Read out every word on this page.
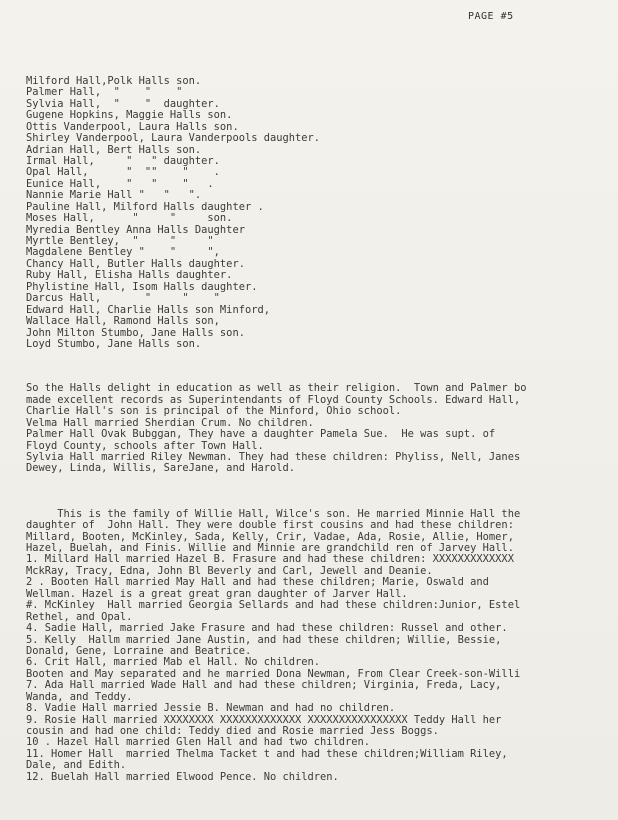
PAGE #5

Milford Hall,Polk Halls son.
Palmer Hall,  "    "    "
Sylvia Hall,  "    "  daughter.
Gugene Hopkins, Maggie Halls son.
Ottis Vanderpool, Laura Halls son.
Shirley Vanderpool, Laura Vanderpools daughter.
Adrian Hall, Bert Halls son.
Irmal Hall,     "   " daughter.
Opal Hall,      "  ""    "    .
Eunice Hall,    "   "    "   .
Nannie Marie Hall "   "   ".
Pauline Hall, Milford Halls daughter .
Moses Hall,      "     "     son.
Myredia Bentley Anna Halls Daughter
Myrtle Bentley,  "     "     "
Magdalene Bentley "    "     ",
Chancy Hall, Butler Halls daughter.
Ruby Hall, Elisha Halls daughter.
Phylistine Hall, Isom Halls daughter.
Darcus Hall,       "     "    "
Edward Hall, Charlie Halls son Minford,
Wallace Hall, Ramond Halls son,
John Milton Stumbo, Jane Halls son.
Loyd Stumbo, Jane Halls son.

So the Halls delight in education as well as their religion.  Town and Palmer bo
made excellent records as Superintendants of Floyd County Schools. Edward Hall,
Charlie Hall's son is principal of the Minford, Ohio school.
Velma Hall married Sherdian Crum. No children.
Palmer Hall Ovak Bubggan, They have a daughter Pamela Sue.  He was supt. of
Floyd County, schools after Town Hall.
Sylvia Hall married Riley Newman. They had these children: Phyliss, Nell, Janes
Dewey, Linda, Willis, SareJane, and Harold.

This is the family of Willie Hall, Wilce's son. He married Minnie Hall the
daughter of  John Hall. They were double first cousins and had these children:
Millard, Booten, McKinley, Sada, Kelly, Crir, Vadae, Ada, Rosie, Allie, Homer,
Hazel, Buelah, and Finis. Willie and Minnie are grandchild ren of Jarvey Hall.
1. Millard Hall married Hazel B. Frasure and had these children: XXXXXXXXXXXXX
MckRay, Tracy, Edna, John Bl Beverly and Carl, Jewell and Deanie.
2 . Booten Hall married May Hall and had these children; Marie, Oswald and
Wellman. Hazel is a great great gran daughter of Jarver Hall.
#. McKinley  Hall married Georgia Sellards and had these children:Junior, Estel
Rethel, and Opal.
4. Sadie Hall, married Jake Frasure and had these children: Russel and other.
5. Kelly  Hallm married Jane Austin, and had these children; Willie, Bessie,
Donald, Gene, Lorraine and Beatrice.
6. Crit Hall, married Mab el Hall. No children.
Booten and May separated and he married Dona Newman, From Clear Creek-son-Willi
7. Ada Hall married Wade Hall and had these children; Virginia, Freda, Lacy,
Wanda, and Teddy.
8. Vadie Hall married Jessie B. Newman and had no children.
9. Rosie Hall married XXXXXXXX XXXXXXXXXXXXX XXXXXXXXXXXXXXXX Teddy Hall her
cousin and had one child: Teddy died and Rosie married Jess Boggs.
10 . Hazel Hall married Glen Hall and had two children.
11. Homer Hall  married Thelma Tacket t and had these children;William Riley,
Dale, and Edith.
12. Buelah Hall married Elwood Pence. No children.
